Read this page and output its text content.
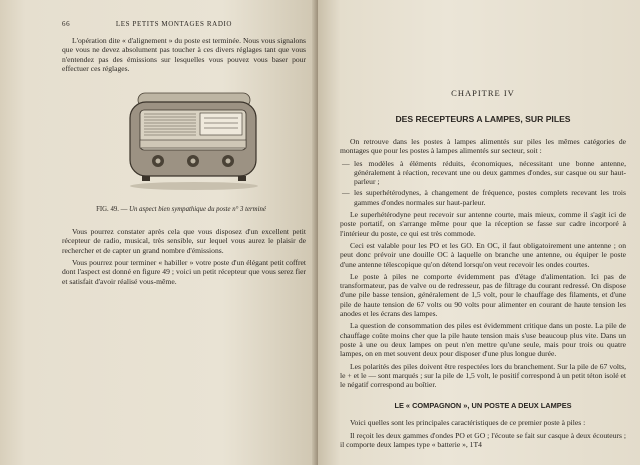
66	LES PETITS MONTAGES RADIO

L'opération dite « d'alignement » du poste est terminée. Nous vous signalons que vous ne devez absolument pas toucher à ces divers réglages tant que vous n'entendez pas des émissions sur lesquelles vous pouvez vous baser pour effectuer ces réglages.

FIG. 49. — Un aspect bien sympathique du poste n° 3 terminé

Vous pourrez constater après cela que vous disposez d'un excellent petit récepteur de radio, musical, très sensible, sur lequel vous aurez le plaisir de rechercher et de capter un grand nombre d'émissions.

Vous pourrez pour terminer « habiller » votre poste d'un élégant petit coffret dont l'aspect est donné en figure 49 ; voici un petit récepteur que vous serez fier et satisfait d'avoir réalisé vous-même.

CHAPITRE IV
DES RECEPTEURS A LAMPES, SUR PILES

On retrouve dans les postes à lampes alimentés sur piles les mêmes catégories de montages que pour les postes à lampes alimentés sur secteur, soit :

— les modèles à éléments réduits, économiques, nécessitant une bonne antenne, généralement à réaction, recevant une ou deux gammes d'ondes, sur casque ou sur haut-parleur ;
— les superhétérodynes, à changement de fréquence, postes complets recevant les trois gammes d'ondes normales sur haut-parleur.

Le superhétérodyne peut recevoir sur antenne courte, mais mieux, comme il s'agit ici de poste portatif, on s'arrange même pour que la réception se fasse sur cadre incorporé à l'intérieur du poste, ce qui est très commode.

Ceci est valable pour les PO et les GO. En OC, il faut obligatoirement une antenne ; on peut donc prévoir une douille OC à laquelle on branche une antenne, ou équiper le poste d'une antenne télescopique qu'on détend lorsqu'on veut recevoir les ondes courtes.

Le poste à piles ne comporte évidemment pas d'étage d'alimentation. Ici pas de transformateur, pas de valve ou de redresseur, pas de filtrage du courant redressé. On dispose d'une pile basse tension, généralement de 1,5 volt, pour le chauffage des filaments, et d'une pile de haute tension de 67 volts ou 90 volts pour alimenter en courant de haute tension les anodes et les écrans des lampes.

La question de consommation des piles est évidemment critique dans un poste. La pile de chauffage coûte moins cher que la pile haute tension mais s'use beaucoup plus vite. Dans un poste à une ou deux lampes on peut n'en mettre qu'une seule, mais pour trois ou quatre lampes, on en met souvent deux pour disposer d'une plus longue durée.

Les polarités des piles doivent être respectées lors du branchement. Sur la pile de 67 volts, le + et le — sont marqués ; sur la pile de 1,5 volt, le positif correspond à un petit téton isolé et le négatif correspond au boîtier.

LE « COMPAGNON », UN POSTE A DEUX LAMPES

Voici quelles sont les principales caractéristiques de ce premier poste à piles :

Il reçoit les deux gammes d'ondes PO et GO ; l'écoute se fait sur casque à deux écouteurs ; il comporte deux lampes type « batterie », 1T4
